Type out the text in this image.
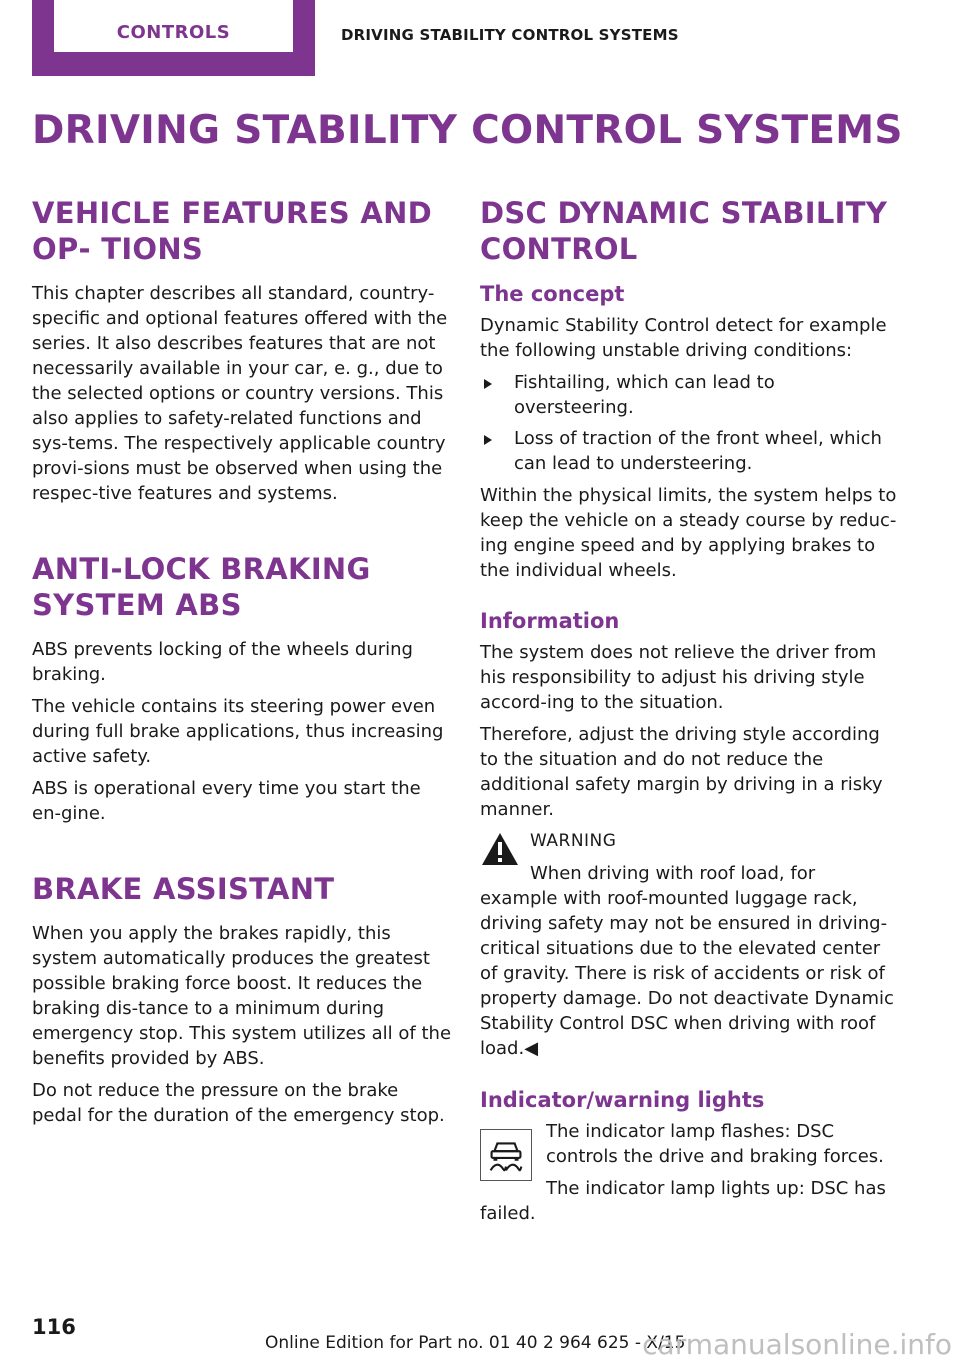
CONTROLS	DRIVING STABILITY CONTROL SYSTEMS
DRIVING STABILITY CONTROL SYSTEMS
VEHICLE FEATURES AND OP‐ TIONS

This chapter describes all standard, country-specific and optional features offered with the series. It also describes features that are not necessarily available in your car, e. g., due to the selected options or country versions. This also applies to safety-related functions and sys‐tems. The respectively applicable country provi‐sions must be observed when using the respec‐tive features and systems.

ANTI‐LOCK BRAKING SYSTEM ABS

ABS prevents locking of the wheels during braking.

The vehicle contains its steering power even during full brake applications, thus increasing active safety.

ABS is operational every time you start the en‐gine.

BRAKE ASSISTANT

When you apply the brakes rapidly, this system automatically produces the greatest possible braking force boost. It reduces the braking dis‐tance to a minimum during emergency stop. This system utilizes all of the benefits provided by ABS.

Do not reduce the pressure on the brake pedal for the duration of the emergency stop.

DSC DYNAMIC STABILITY CONTROL
The concept

Dynamic Stability Control detect for example the following unstable driving conditions:

Fishtailing, which can lead to oversteering.
Loss of traction of the front wheel, which can lead to understeering.

Within the physical limits, the system helps to keep the vehicle on a steady course by reduc‐ing engine speed and by applying brakes to the individual wheels.

Information

The system does not relieve the driver from his responsibility to adjust his driving style accord‐ing to the situation.

Therefore, adjust the driving style according to the situation and do not reduce the additional safety margin by driving in a risky manner.

WARNING

When driving with roof load, for example with roof-mounted luggage rack, driving safety may not be ensured in driving-critical situations due to the elevated center of gravity. There is risk of accidents or risk of property damage. Do not deactivate Dynamic Stability Control DSC when driving with roof load.◀

Indicator/warning lights

The indicator lamp flashes: DSC controls the drive and braking forces.

The indicator lamp lights up: DSC has failed.

116
Online Edition for Part no. 01 40 2 964 625 - X/15
carmanualsonline.info
